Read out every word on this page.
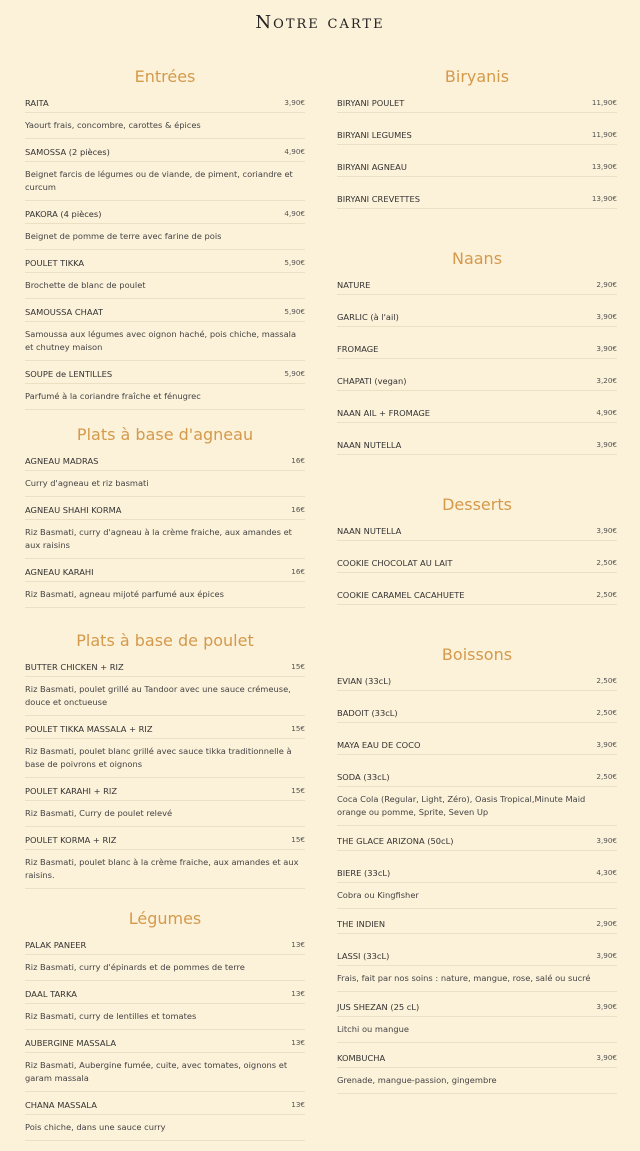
Notre carte
Entrées
RAITA	3,90€
Yaourt frais, concombre, carottes & épices
SAMOSSA (2 pièces)	4,90€
Beignet farcis de légumes ou de viande, de piment, coriandre et curcum
PAKORA (4 pièces)	4,90€
Beignet de pomme de terre avec farine de pois
POULET TIKKA	5,90€
Brochette de blanc de poulet
SAMOUSSA CHAAT	5,90€
Samoussa aux légumes avec oignon haché, pois chiche, massala et chutney maison
SOUPE de LENTILLES	5,90€
Parfumé à la coriandre fraîche et fénugrec
Plats à base d'agneau
AGNEAU MADRAS	16€
Curry d'agneau et riz basmati
AGNEAU SHAHI KORMA	16€
Riz Basmati, curry d'agneau à la crème fraiche, aux amandes et aux raisins
AGNEAU KARAHI	16€
Riz Basmati, agneau mijoté parfumé aux épices
Plats à base de poulet
BUTTER CHICKEN + RIZ	15€
Riz Basmati, poulet grillé au Tandoor avec une sauce crémeuse, douce et onctueuse
POULET TIKKA MASSALA + RIZ	15€
Riz Basmati, poulet blanc grillé avec sauce tikka traditionnelle à base de poivrons et oignons
POULET KARAHI + RIZ	15€
Riz Basmati, Curry de poulet relevé
POULET KORMA + RIZ	15€
Riz Basmati, poulet blanc à la crème fraiche, aux amandes et aux raisins.
Légumes
PALAK PANEER	13€
Riz Basmati, curry d'épinards et de pommes de terre
DAAL TARKA	13€
Riz Basmati, curry de lentilles et tomates
AUBERGINE MASSALA	13€
Riz Basmati, Aubergine fumée, cuite, avec tomates, oignons et garam massala
CHANA MASSALA	13€
Pois chiche, dans une sauce curry
Biryanis
BIRYANI POULET	11,90€
BIRYANI LEGUMES	11,90€
BIRYANI AGNEAU	13,90€
BIRYANI CREVETTES	13,90€
Naans
NATURE	2,90€
GARLIC (à l'ail)	3,90€
FROMAGE	3,90€
CHAPATI (vegan)	3,20€
NAAN AIL + FROMAGE	4,90€
NAAN NUTELLA	3,90€
Desserts
NAAN NUTELLA	3,90€
COOKIE CHOCOLAT AU LAIT	2,50€
COOKIE CARAMEL CACAHUETE	2,50€
Boissons
EVIAN (33cL)	2,50€
BADOIT (33cL)	2,50€
MAYA EAU DE COCO	3,90€
SODA (33cL)	2,50€
Coca Cola (Regular, Light, Zéro), Oasis Tropical,Minute Maid orange ou pomme, Sprite, Seven Up
THE GLACE ARIZONA (50cL)	3,90€
BIERE (33cL)	4,30€
Cobra ou Kingfisher
THE INDIEN	2,90€
LASSI (33cL)	3,90€
Frais, fait par nos soins : nature, mangue, rose, salé ou sucré
JUS SHEZAN (25 cL)	3,90€
Litchi ou mangue
KOMBUCHA	3,90€
Grenade, mangue-passion, gingembre
